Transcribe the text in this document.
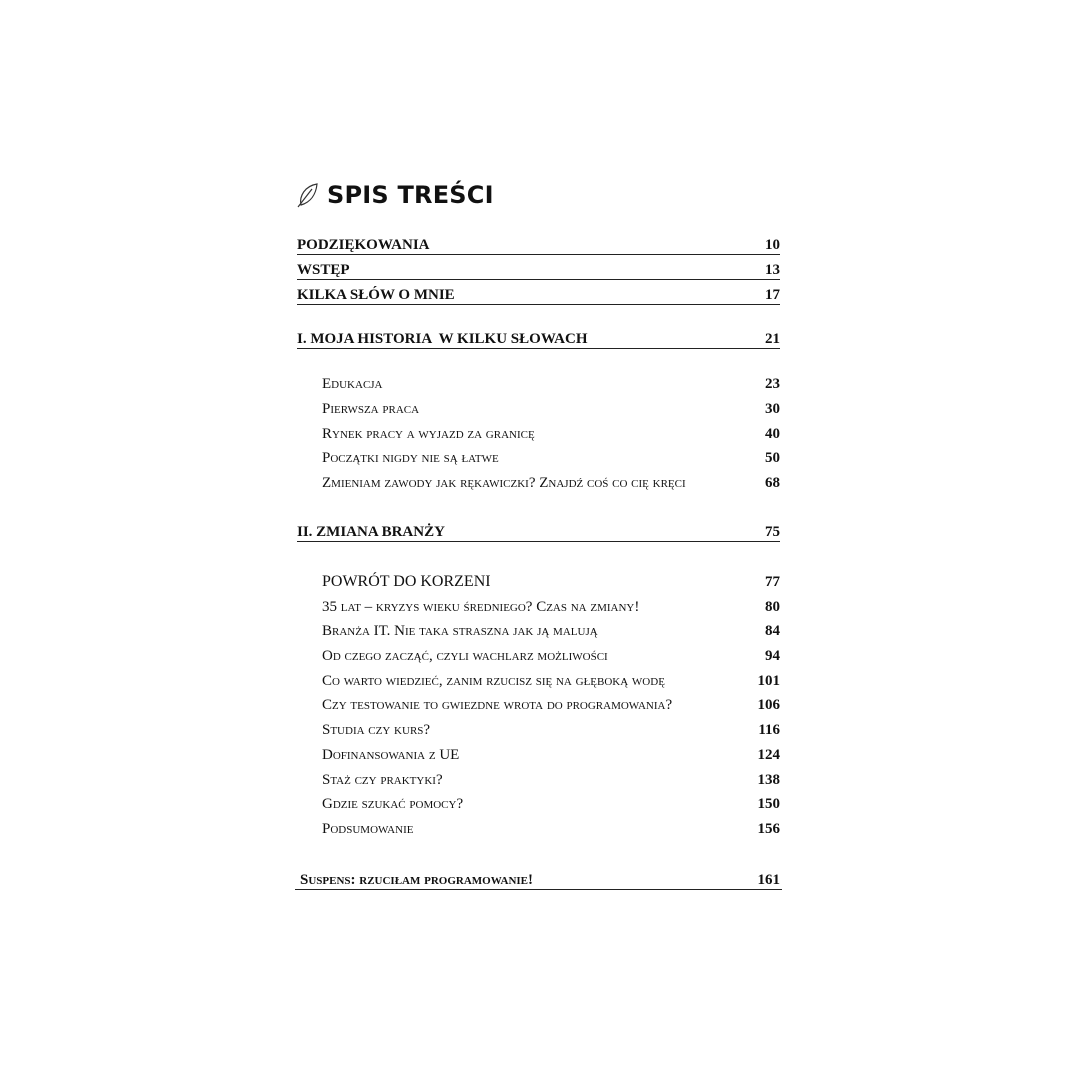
SPIS TREŚCI
PODZIĘKOWANIA	10
WSTĘP	13
KILKA SŁÓW O MNIE	17
I. MOJA HISTORIA  W KILKU SŁOWACH	21
Edukacja	23
Pierwsza praca	30
Rynek pracy a wyjazd za granicę	40
Początki nigdy nie są łatwe	50
Zmieniam zawody jak rękawiczki? Znajdź coś co cię kręci	68
II. ZMIANA BRANŻY	75
POWRÓT DO KORZENI	77
35 lat – kryzys wieku średniego? Czas na zmiany!	80
Branża IT. Nie taka straszna jak ją malują	84
Od czego zacząć, czyli wachlarz możliwości	94
Co warto wiedzieć, zanim rzucisz się na głęboką wodę	101
Czy testowanie to gwiezdne wrota do programowania?	106
Studia czy kurs?	116
Dofinansowania z UE	124
Staż czy praktyki?	138
Gdzie szukać pomocy?	150
Podsumowanie	156
Suspens: rzuciłam programowanie!	161
